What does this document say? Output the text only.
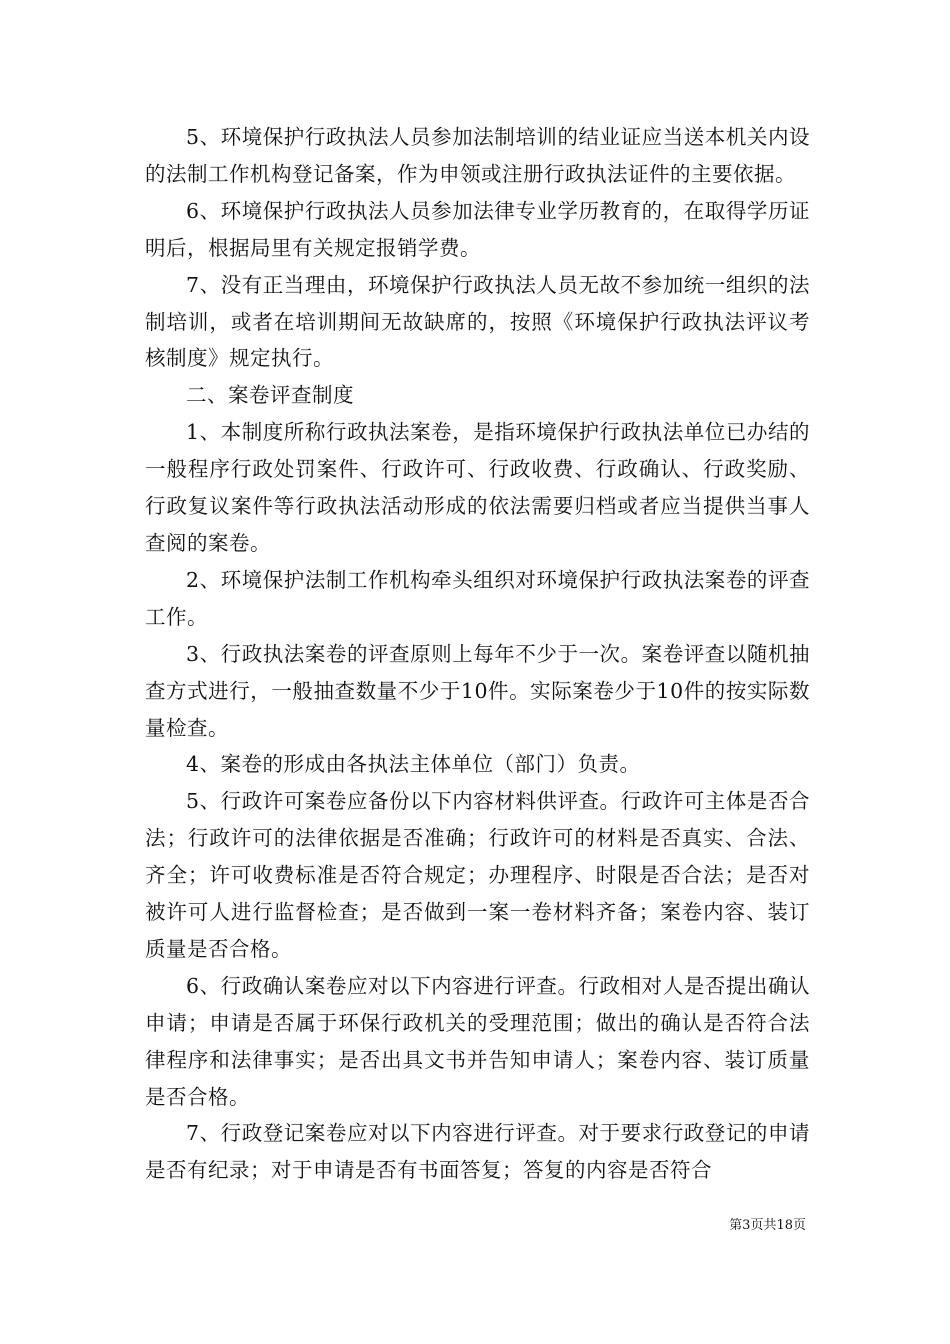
5、环境保护行政执法人员参加法制培训的结业证应当送本机关内设的法制工作机构登记备案，作为申领或注册行政执法证件的主要依据。

6、环境保护行政执法人员参加法律专业学历教育的，在取得学历证明后，根据局里有关规定报销学费。

7、没有正当理由，环境保护行政执法人员无故不参加统一组织的法制培训，或者在培训期间无故缺席的，按照《环境保护行政执法评议考核制度》规定执行。

二、案卷评查制度

1、本制度所称行政执法案卷，是指环境保护行政执法单位已办结的一般程序行政处罚案件、行政许可、行政收费、行政确认、行政奖励、行政复议案件等行政执法活动形成的依法需要归档或者应当提供当事人查阅的案卷。

2、环境保护法制工作机构牵头组织对环境保护行政执法案卷的评查工作。

3、行政执法案卷的评查原则上每年不少于一次。案卷评查以随机抽查方式进行，一般抽查数量不少于10件。实际案卷少于10件的按实际数量检查。

4、案卷的形成由各执法主体单位（部门）负责。

5、行政许可案卷应备份以下内容材料供评查。行政许可主体是否合法；行政许可的法律依据是否准确；行政许可的材料是否真实、合法、齐全；许可收费标准是否符合规定；办理程序、时限是否合法；是否对被许可人进行监督检查；是否做到一案一卷材料齐备；案卷内容、装订质量是否合格。

6、行政确认案卷应对以下内容进行评查。行政相对人是否提出确认申请；申请是否属于环保行政机关的受理范围；做出的确认是否符合法律程序和法律事实；是否出具文书并告知申请人；案卷内容、装订质量是否合格。

7、行政登记案卷应对以下内容进行评查。对于要求行政登记的申请是否有纪录；对于申请是否有书面答复；答复的内容是否符合

第3页共18页
